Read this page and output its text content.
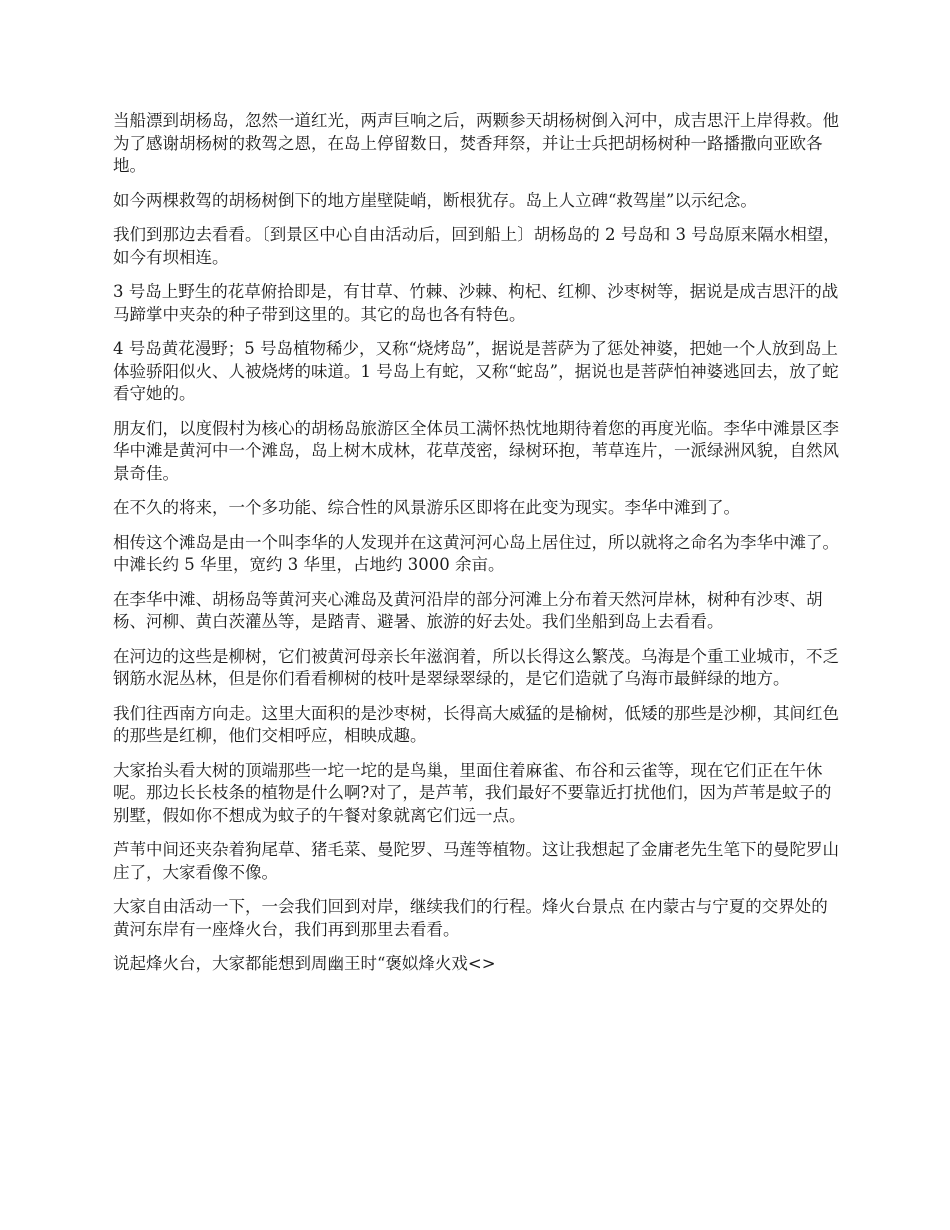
当船漂到胡杨岛，忽然一道红光，两声巨响之后，两颗参天胡杨树倒入河中，成吉思汗上岸得救。他为了感谢胡杨树的救驾之恩，在岛上停留数日，焚香拜祭，并让士兵把胡杨树种一路播撒向亚欧各地。

如今两棵救驾的胡杨树倒下的地方崖壁陡峭，断根犹存。岛上人立碑“救驾崖”以示纪念。

我们到那边去看看。〔到景区中心自由活动后，回到船上〕胡杨岛的 2 号岛和 3 号岛原来隔水相望，如今有坝相连。

3 号岛上野生的花草俯拾即是，有甘草、竹棘、沙棘、枸杞、红柳、沙枣树等，据说是成吉思汗的战马蹄掌中夹杂的种子带到这里的。其它的岛也各有特色。

4 号岛黄花漫野；5 号岛植物稀少，又称“烧烤岛”，据说是菩萨为了惩处神婆，把她一个人放到岛上体验骄阳似火、人被烧烤的味道。1 号岛上有蛇，又称“蛇岛”，据说也是菩萨怕神婆逃回去，放了蛇看守她的。

朋友们，以度假村为核心的胡杨岛旅游区全体员工满怀热忱地期待着您的再度光临。李华中滩景区李华中滩是黄河中一个滩岛，岛上树木成林，花草茂密，绿树环抱，苇草连片，一派绿洲风貌，自然风景奇佳。

在不久的将来，一个多功能、综合性的风景游乐区即将在此变为现实。李华中滩到了。

相传这个滩岛是由一个叫李华的人发现并在这黄河河心岛上居住过，所以就将之命名为李华中滩了。中滩长约 5 华里，宽约 3 华里，占地约 3000 余亩。

在李华中滩、胡杨岛等黄河夹心滩岛及黄河沿岸的部分河滩上分布着天然河岸林，树种有沙枣、胡杨、河柳、黄白茨灌丛等，是踏青、避暑、旅游的好去处。我们坐船到岛上去看看。

在河边的这些是柳树，它们被黄河母亲长年滋润着，所以长得这么繁茂。乌海是个重工业城市，不乏钢筋水泥丛林，但是你们看看柳树的枝叶是翠绿翠绿的，是它们造就了乌海市最鲜绿的地方。

我们往西南方向走。这里大面积的是沙枣树，长得高大威猛的是榆树，低矮的那些是沙柳，其间红色的那些是红柳，他们交相呼应，相映成趣。

大家抬头看大树的顶端那些一坨一坨的是鸟巢，里面住着麻雀、布谷和云雀等，现在它们正在午休呢。那边长长枝条的植物是什么啊?对了，是芦苇，我们最好不要靠近打扰他们，因为芦苇是蚊子的别墅，假如你不想成为蚊子的午餐对象就离它们远一点。

芦苇中间还夹杂着狗尾草、猪毛菜、曼陀罗、马莲等植物。这让我想起了金庸老先生笔下的曼陀罗山庄了，大家看像不像。

大家自由活动一下，一会我们回到对岸，继续我们的行程。烽火台景点 在内蒙古与宁夏的交界处的黄河东岸有一座烽火台，我们再到那里去看看。

说起烽火台，大家都能想到周幽王时“褒姒烽火戏<>
